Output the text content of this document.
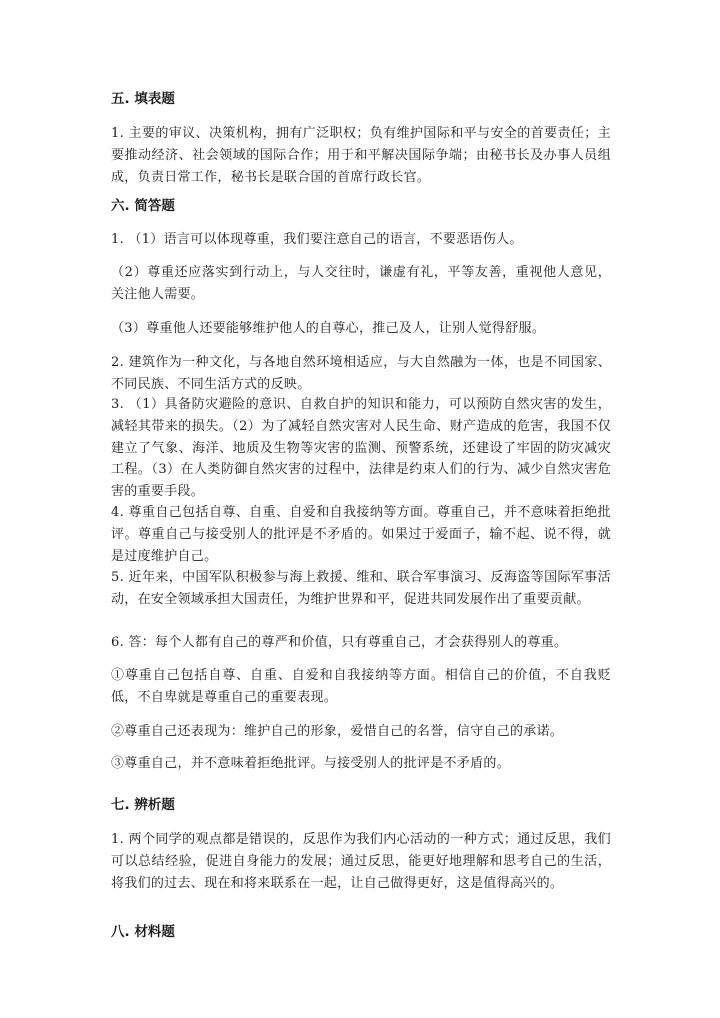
五. 填表题
1. 主要的审议、决策机构，拥有广泛职权；负有维护国际和平与安全的首要责任；主要推动经济、社会领域的国际合作；用于和平解决国际争端；由秘书长及办事人员组成，负责日常工作，秘书长是联合国的首席行政长官。
六. 简答题
1. （1）语言可以体现尊重，我们要注意自己的语言，不要恶语伤人。
（2）尊重还应落实到行动上，与人交往时，谦虚有礼，平等友善，重视他人意见，关注他人需要。
（3）尊重他人还要能够维护他人的自尊心，推己及人，让别人觉得舒服。
2. 建筑作为一种文化，与各地自然环境相适应，与大自然融为一体，也是不同国家、不同民族、不同生活方式的反映。
3. （1）具备防灾避险的意识、自救自护的知识和能力，可以预防自然灾害的发生，减轻其带来的损失。（2）为了减轻自然灾害对人民生命、财产造成的危害，我国不仅建立了气象、海洋、地质及生物等灾害的监测、预警系统，还建设了牢固的防灾减灾工程。（3）在人类防御自然灾害的过程中，法律是约束人们的行为、减少自然灾害危害的重要手段。
4. 尊重自己包括自尊、自重、自爱和自我接纳等方面。尊重自己，并不意味着拒绝批评。尊重自己与接受别人的批评是不矛盾的。如果过于爱面子，输不起、说不得，就是过度维护自己。
5. 近年来，中国军队积极参与海上救援、维和、联合军事演习、反海盗等国际军事活动，在安全领域承担大国责任，为维护世界和平，促进共同发展作出了重要贡献。
6. 答：每个人都有自己的尊严和价值，只有尊重自己，才会获得别人的尊重。
①尊重自己包括自尊、自重、自爱和自我接纳等方面。相信自己的价值，不自我贬低，不自卑就是尊重自己的重要表现。
②尊重自己还表现为：维护自己的形象，爱惜自己的名誉，信守自己的承诺。
③尊重自己，并不意味着拒绝批评。与接受别人的批评是不矛盾的。
七. 辨析题
1. 两个同学的观点都是错误的，反思作为我们内心活动的一种方式；通过反思，我们可以总结经验，促进自身能力的发展；通过反思，能更好地理解和思考自己的生活，将我们的过去、现在和将来联系在一起，让自己做得更好，这是值得高兴的。
八. 材料题
